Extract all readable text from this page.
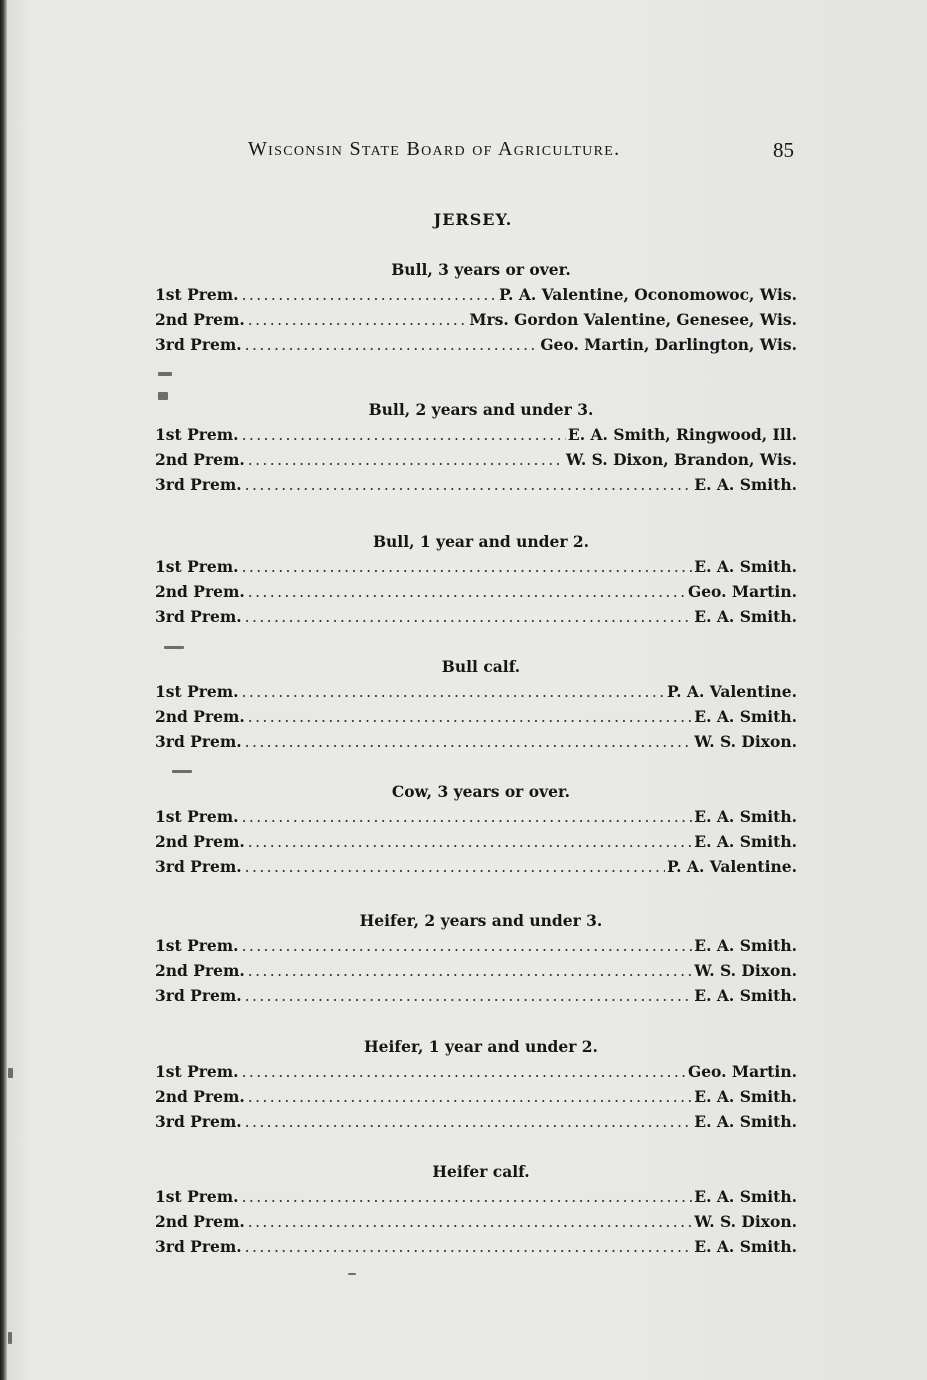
Wisconsin State Board of Agriculture.	85
JERSEY.
Bull, 3 years or over.
1st Prem. .....	P. A. Valentine, Oconomowoc, Wis.
2nd Prem. .....	Mrs. Gordon Valentine, Genesee, Wis.
3rd Prem. .....	Geo. Martin, Darlington, Wis.
Bull, 2 years and under 3.
1st Prem. .....	E. A. Smith, Ringwood, Ill.
2nd Prem. .....	W. S. Dixon, Brandon, Wis.
3rd Prem. .....	E. A. Smith.
Bull, 1 year and under 2.
1st Prem. .....	E. A. Smith.
2nd Prem. .....	Geo. Martin.
3rd Prem. .....	E. A. Smith.
Bull calf.
1st Prem. .....	P. A. Valentine.
2nd Prem. .....	E. A. Smith.
3rd Prem. .....	W. S. Dixon.
Cow, 3 years or over.
1st Prem. .....	E. A. Smith.
2nd Prem. .....	E. A. Smith.
3rd Prem. .....	P. A. Valentine.
Heifer, 2 years and under 3.
1st Prem. .....	E. A. Smith.
2nd Prem. .....	W. S. Dixon.
3rd Prem. .....	E. A. Smith.
Heifer, 1 year and under 2.
1st Prem. .....	Geo. Martin.
2nd Prem. .....	E. A. Smith.
3rd Prem. .....	E. A. Smith.
Heifer calf.
1st Prem. .....	E. A. Smith.
2nd Prem. .....	W. S. Dixon.
3rd Prem. .....	E. A. Smith.
